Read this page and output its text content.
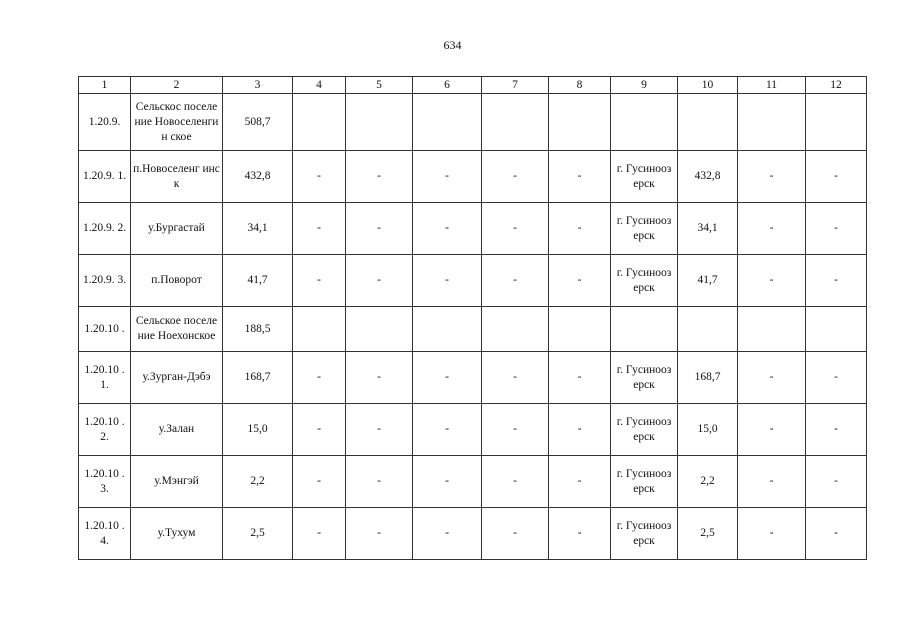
634
1	2	3	4	5	6	7	8	9	10	11	12
1.20.9.	Сельскос поселение Новоселенгин ское	508,7									
1.20.9. 1.	п.Новоселенг инск	432,8	-	-	-	-	-	г. Гусиноoз ерск	432,8	-	-
1.20.9. 2.	у.Бургастай	34,1	-	-	-	-	-	г. Гусиноoз ерск	34,1	-	-
1.20.9. 3.	п.Поворот	41,7	-	-	-	-	-	г. Гусиноoз ерск	41,7	-	-
1.20.10 .	Сельское поселение Ноехонское	188,5									
1.20.10 .1.	у.Зурган-Дэбэ	168,7	-	-	-	-	-	г. Гусиноoз ерск	168,7	-	-
1.20.10 .2.	у.Залан	15,0	-	-	-	-	-	г. Гусиноoз ерск	15,0	-	-
1.20.10 .3.	у.Мэнгэй	2,2	-	-	-	-	-	г. Гусиноoз ерск	2,2	-	-
1.20.10 .4.	у.Тухум	2,5	-	-	-	-	-	г. Гусиноoз ерск	2,5	-	-
